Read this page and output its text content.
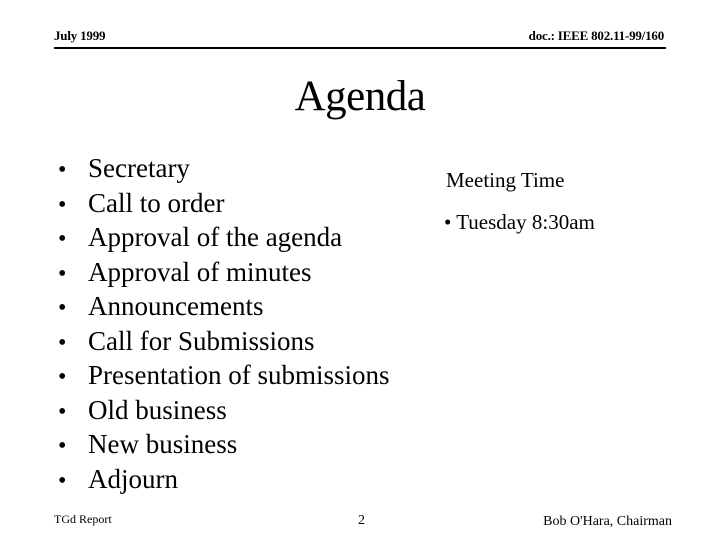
July 1999	doc.: IEEE 802.11-99/160
Agenda
• Secretary
• Call to order
• Approval of the agenda
• Approval of minutes
• Announcements
• Call for Submissions
• Presentation of submissions
• Old business
• New business
• Adjourn
Meeting Time
• Tuesday 8:30am
TGd Report	2	Bob O'Hara, Chairman
